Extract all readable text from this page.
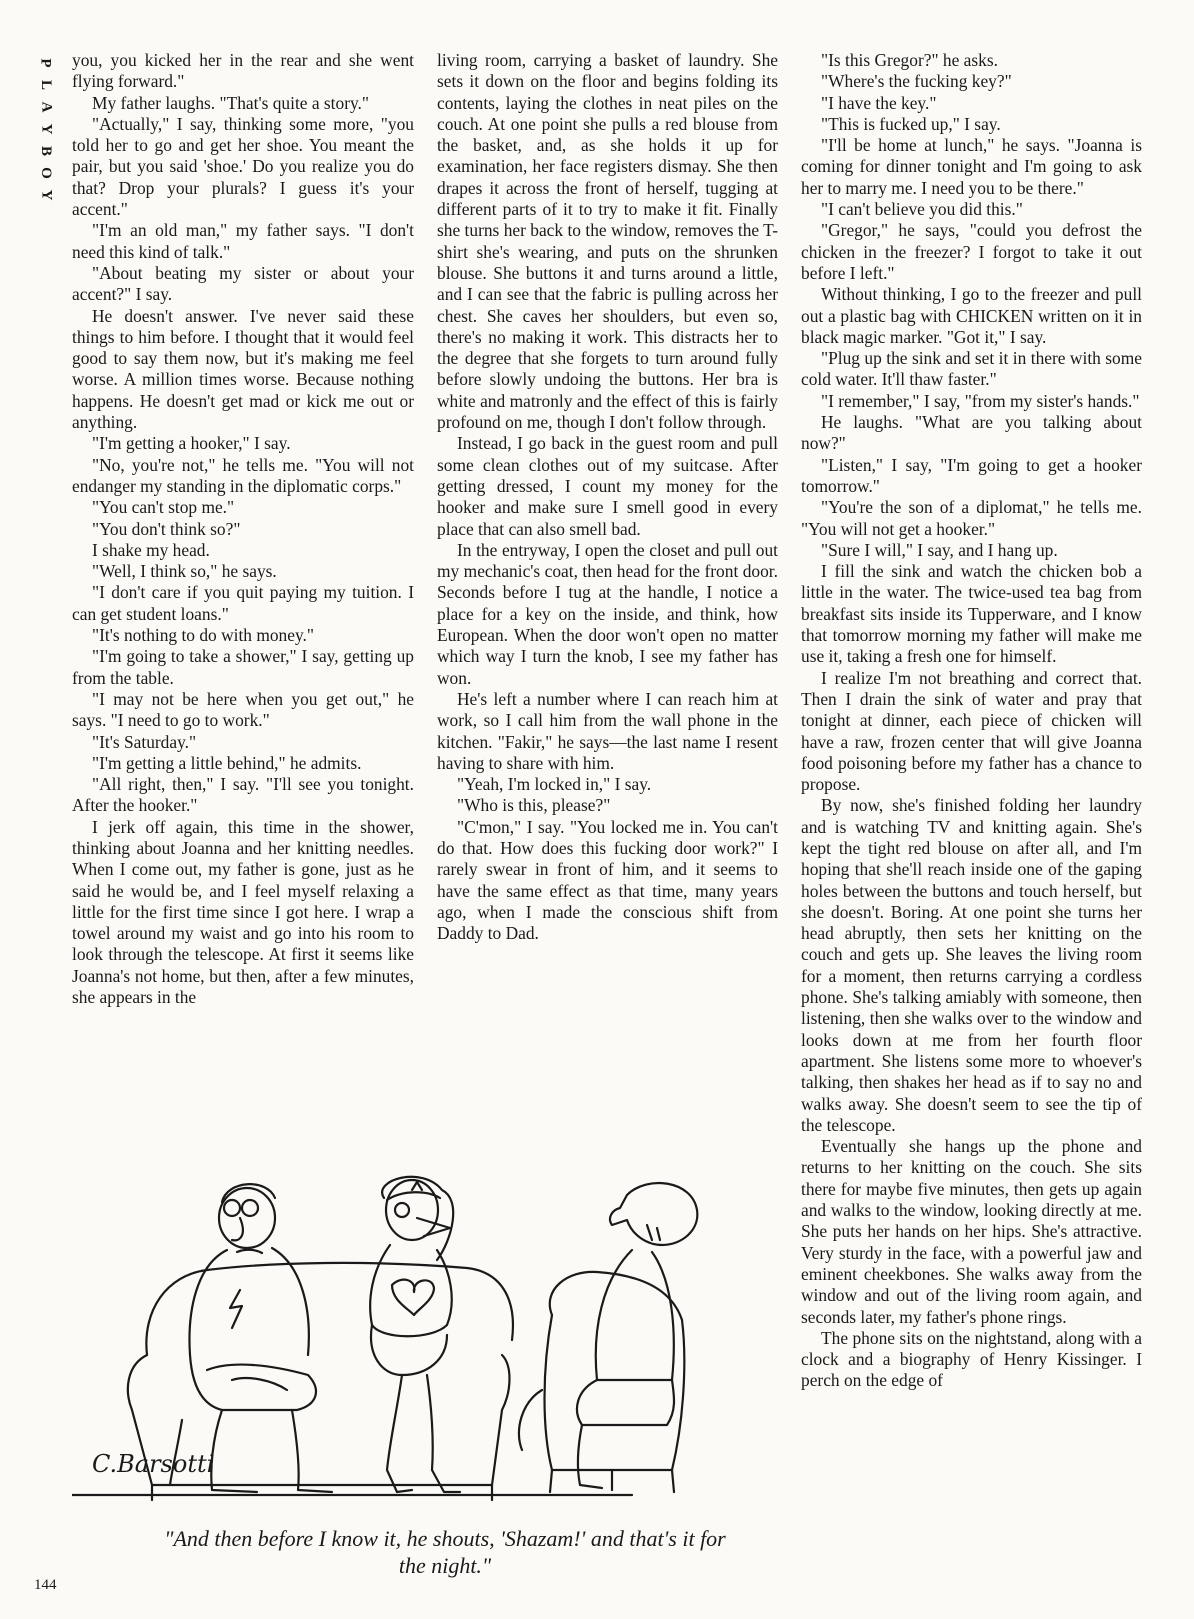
P
L
A
Y
B
O
Y

you, you kicked her in the rear and she went flying forward."

My father laughs. "That's quite a story."

"Actually," I say, thinking some more, "you told her to go and get her shoe. You meant the pair, but you said 'shoe.' Do you realize you do that? Drop your plurals? I guess it's your accent."

"I'm an old man," my father says. "I don't need this kind of talk."

"About beating my sister or about your accent?" I say.

He doesn't answer. I've never said these things to him before. I thought that it would feel good to say them now, but it's making me feel worse. A million times worse. Because nothing happens. He doesn't get mad or kick me out or anything.

"I'm getting a hooker," I say.

"No, you're not," he tells me. "You will not endanger my standing in the diplomatic corps."

"You can't stop me."

"You don't think so?"

I shake my head.

"Well, I think so," he says.

"I don't care if you quit paying my tuition. I can get student loans."

"It's nothing to do with money."

"I'm going to take a shower," I say, getting up from the table.

"I may not be here when you get out," he says. "I need to go to work."

"It's Saturday."

"I'm getting a little behind," he admits.

"All right, then," I say. "I'll see you tonight. After the hooker."

I jerk off again, this time in the shower, thinking about Joanna and her knitting needles. When I come out, my father is gone, just as he said he would be, and I feel myself relaxing a little for the first time since I got here. I wrap a towel around my waist and go into his room to look through the telescope. At first it seems like Joanna's not home, but then, after a few minutes, she appears in the

living room, carrying a basket of laundry. She sets it down on the floor and begins folding its contents, laying the clothes in neat piles on the couch. At one point she pulls a red blouse from the basket, and, as she holds it up for examination, her face registers dismay. She then drapes it across the front of herself, tugging at different parts of it to try to make it fit. Finally she turns her back to the window, removes the T-shirt she's wearing, and puts on the shrunken blouse. She buttons it and turns around a little, and I can see that the fabric is pulling across her chest. She caves her shoulders, but even so, there's no making it work. This distracts her to the degree that she forgets to turn around fully before slowly undoing the buttons. Her bra is white and matronly and the effect of this is fairly profound on me, though I don't follow through.

Instead, I go back in the guest room and pull some clean clothes out of my suitcase. After getting dressed, I count my money for the hooker and make sure I smell good in every place that can also smell bad.

In the entryway, I open the closet and pull out my mechanic's coat, then head for the front door. Seconds before I tug at the handle, I notice a place for a key on the inside, and think, how European. When the door won't open no matter which way I turn the knob, I see my father has won.

He's left a number where I can reach him at work, so I call him from the wall phone in the kitchen. "Fakir," he says—the last name I resent having to share with him.

"Yeah, I'm locked in," I say.

"Who is this, please?"

"C'mon," I say. "You locked me in. You can't do that. How does this fucking door work?" I rarely swear in front of him, and it seems to have the same effect as that time, many years ago, when I made the conscious shift from Daddy to Dad.

"Is this Gregor?" he asks.

"Where's the fucking key?"

"I have the key."

"This is fucked up," I say.

"I'll be home at lunch," he says. "Joanna is coming for dinner tonight and I'm going to ask her to marry me. I need you to be there."

"I can't believe you did this."

"Gregor," he says, "could you defrost the chicken in the freezer? I forgot to take it out before I left."

Without thinking, I go to the freezer and pull out a plastic bag with CHICKEN written on it in black magic marker. "Got it," I say.

"Plug up the sink and set it in there with some cold water. It'll thaw faster."

"I remember," I say, "from my sister's hands."

He laughs. "What are you talking about now?"

"Listen," I say, "I'm going to get a hooker tomorrow."

"You're the son of a diplomat," he tells me. "You will not get a hooker."

"Sure I will," I say, and I hang up.

I fill the sink and watch the chicken bob a little in the water. The twice-used tea bag from breakfast sits inside its Tupperware, and I know that tomorrow morning my father will make me use it, taking a fresh one for himself.

I realize I'm not breathing and correct that. Then I drain the sink of water and pray that tonight at dinner, each piece of chicken will have a raw, frozen center that will give Joanna food poisoning before my father has a chance to propose.

By now, she's finished folding her laundry and is watching TV and knitting again. She's kept the tight red blouse on after all, and I'm hoping that she'll reach inside one of the gaping holes between the buttons and touch herself, but she doesn't. Boring. At one point she turns her head abruptly, then sets her knitting on the couch and gets up. She leaves the living room for a moment, then returns carrying a cordless phone. She's talking amiably with someone, then listening, then she walks over to the window and looks down at me from her fourth floor apartment. She listens some more to whoever's talking, then shakes her head as if to say no and walks away. She doesn't seem to see the tip of the telescope.

Eventually she hangs up the phone and returns to her knitting on the couch. She sits there for maybe five minutes, then gets up again and walks to the window, looking directly at me. She puts her hands on her hips. She's attractive. Very sturdy in the face, with a powerful jaw and eminent cheekbones. She walks away from the window and out of the living room again, and seconds later, my father's phone rings.

The phone sits on the nightstand, along with a clock and a biography of Henry Kissinger. I perch on the edge of

C.Barsotti
"And then before I know it, he shouts, 'Shazam!' and that's it for the night."
144
